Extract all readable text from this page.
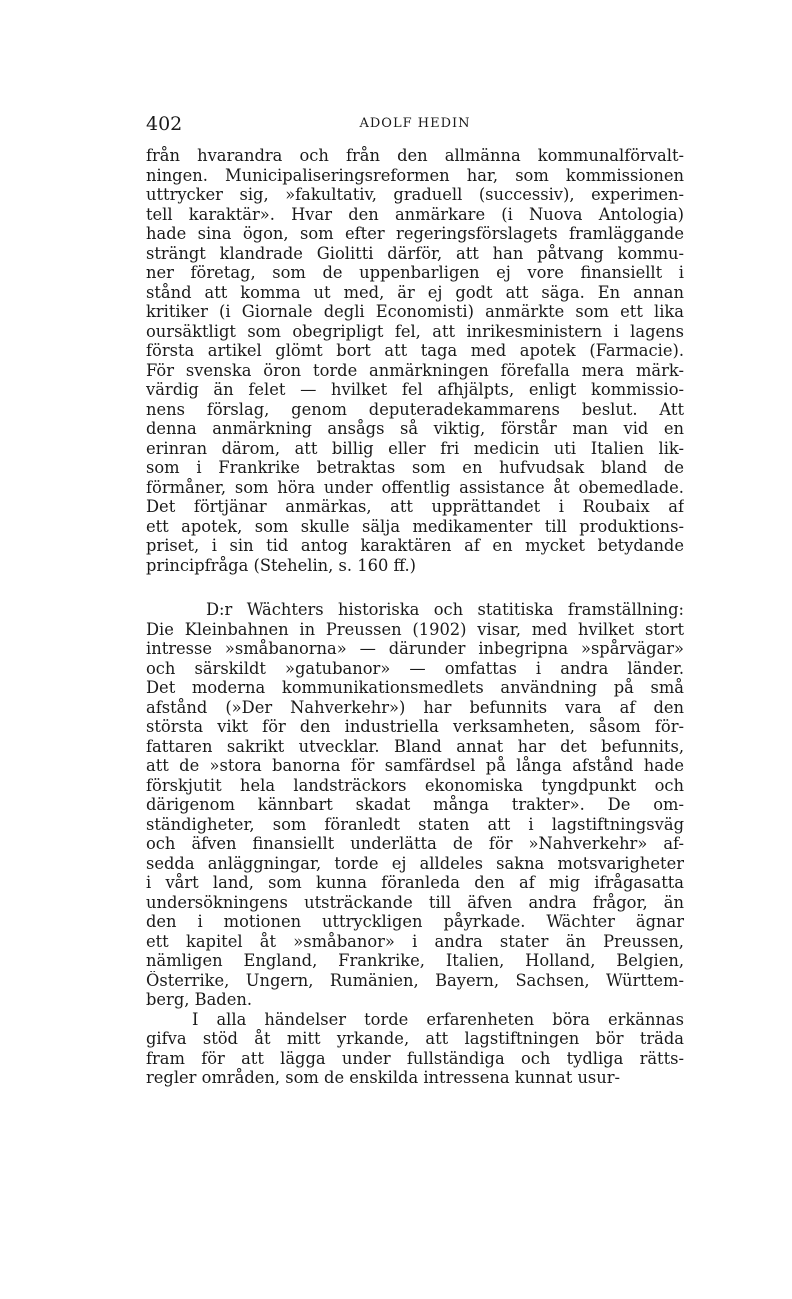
402	ADOLF HEDIN
från hvarandra och från den allmänna kommunalförvalt-
ningen. Municipaliseringsreformen har, som kommissionen
uttrycker sig, »fakultativ, graduell (successiv), experimen-
tell karaktär». Hvar den anmärkare (i Nuova Antologia)
hade sina ögon, som efter regeringsförslagets framläggande
strängt klandrade Giolitti därför, att han påtvang kommu-
ner företag, som de uppenbarligen ej vore finansiellt i
stånd att komma ut med, är ej godt att säga. En annan
kritiker (i Giornale degli Economisti) anmärkte som ett lika
oursäktligt som obegripligt fel, att inrikesministern i lagens
första artikel glömt bort att taga med apotek (Farmacie).
För svenska öron torde anmärkningen förefalla mera märk-
värdig än felet — hvilket fel afhjälpts, enligt kommissio-
nens förslag, genom deputeradekammarens beslut. Att
denna anmärkning ansågs så viktig, förstår man vid en
erinran därom, att billig eller fri medicin uti Italien lik-
som i Frankrike betraktas som en hufvudsak bland de
förmåner, som höra under offentlig assistance åt obemedlade.
Det förtjänar anmärkas, att upprättandet i Roubaix af
ett apotek, som skulle sälja medikamenter till produktions-
priset, i sin tid antog karaktären af en mycket betydande
principfråga (Stehelin, s. 160 ff.)
D:r Wächters historiska och statitiska framställning:
Die Kleinbahnen in Preussen (1902) visar, med hvilket stort
intresse »småbanorna» — därunder inbegripna »spårvägar»
och särskildt »gatubanor» — omfattas i andra länder.
Det moderna kommunikationsmedlets användning på små
afstånd (»Der Nahverkehr») har befunnits vara af den
största vikt för den industriella verksamheten, såsom för-
fattaren sakrikt utvecklar. Bland annat har det befunnits,
att de »stora banorna för samfärdsel på långa afstånd hade
förskjutit hela landsträckors ekonomiska tyngdpunkt och
därigenom kännbart skadat många trakter». De om-
ständigheter, som föranledt staten att i lagstiftningsväg
och äfven finansiellt underlätta de för »Nahverkehr» af-
sedda anläggningar, torde ej alldeles sakna motsvarigheter
i vårt land, som kunna föranleda den af mig ifrågasatta
undersökningens utsträckande till äfven andra frågor, än
den i motionen uttryckligen påyrkade. Wächter ägnar
ett kapitel åt »småbanor» i andra stater än Preussen,
nämligen England, Frankrike, Italien, Holland, Belgien,
Österrike, Ungern, Rumänien, Bayern, Sachsen, Württem-
berg, Baden.
I alla händelser torde erfarenheten böra erkännas
gifva stöd åt mitt yrkande, att lagstiftningen bör träda
fram för att lägga under fullständiga och tydliga rätts-
regler områden, som de enskilda intressena kunnat usur-
